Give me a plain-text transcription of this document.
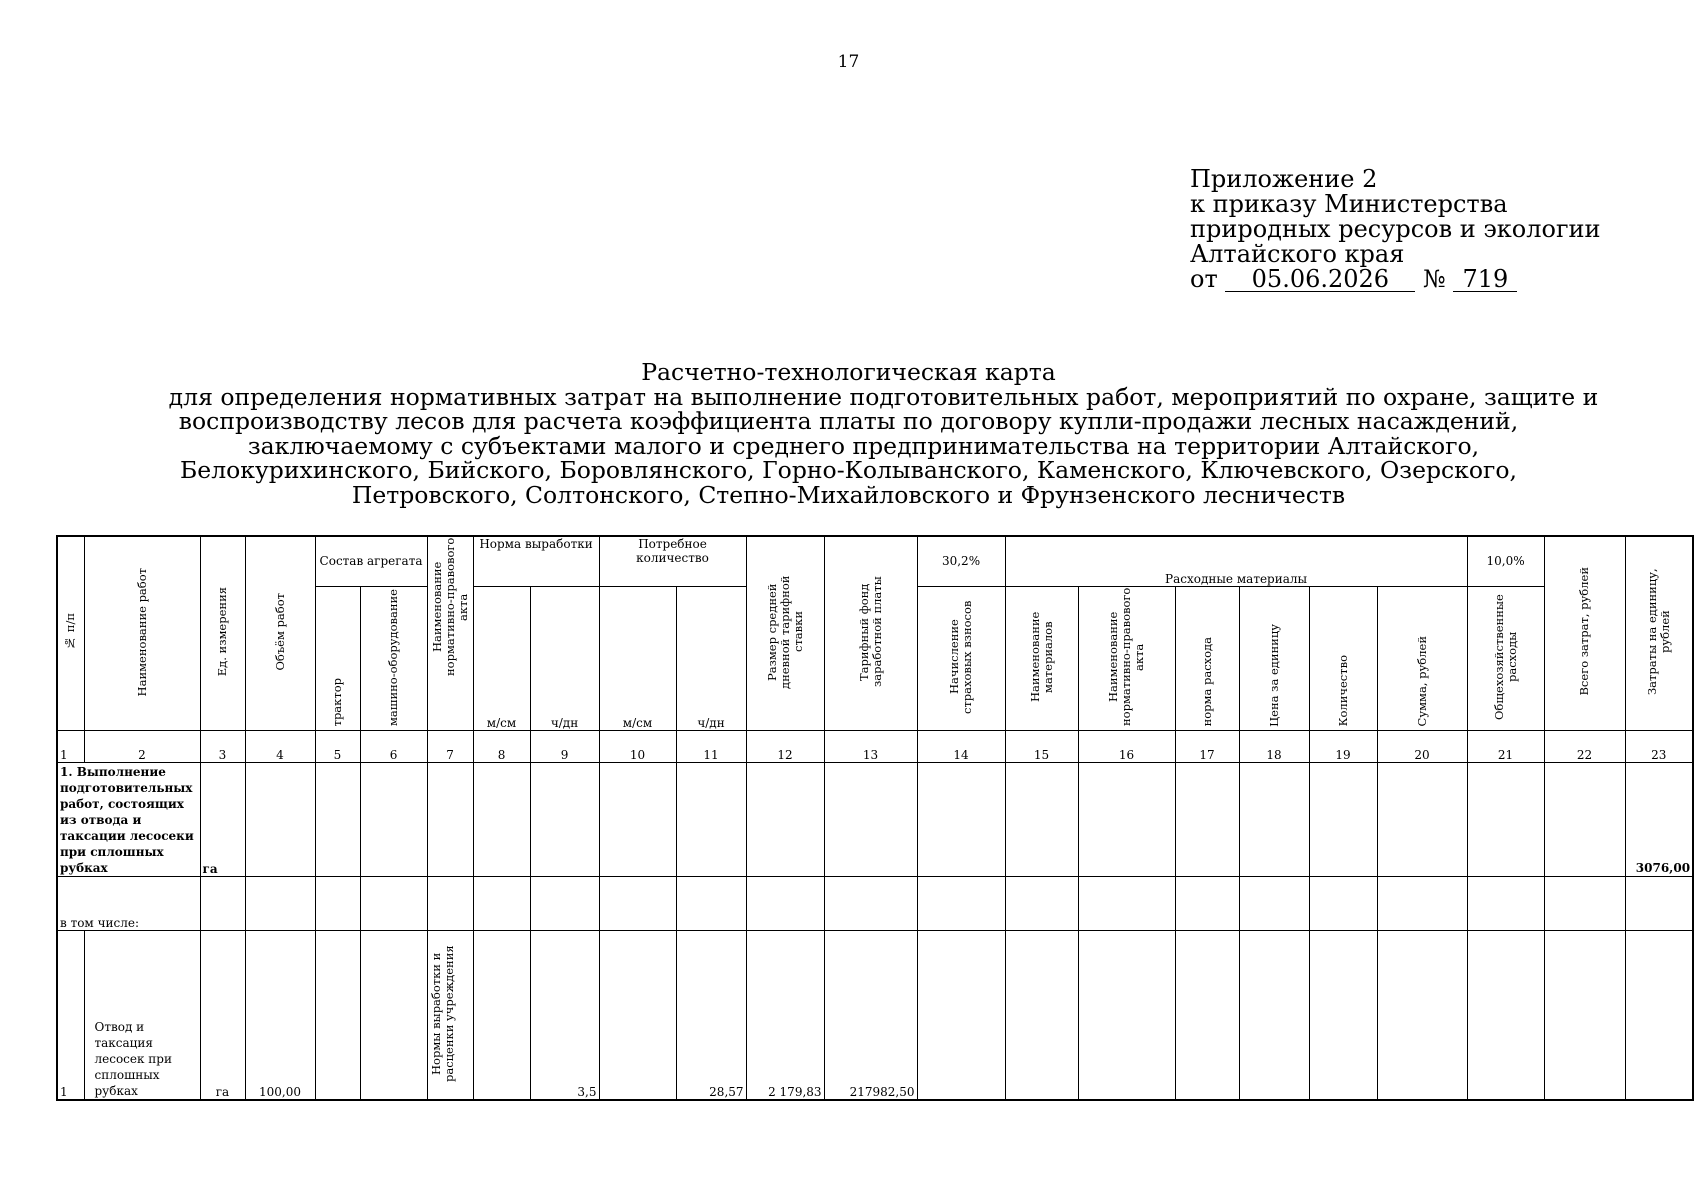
17
Приложение 2
к приказу Министерства
природных ресурсов и экологии
Алтайского края
от 05.06.2026 № 719
Расчетно-технологическая карта
для определения нормативных затрат на выполнение подготовительных работ, мероприятий по охране, защите и
воспроизводству лесов для расчета коэффициента платы по договору купли-продажи лесных насаждений,
заключаемому с субъектами малого и среднего предпринимательства на территории Алтайского,
Белокурихинского, Бийского, Боровлянского, Горно-Колыванского, Каменского, Ключевского, Озерского,
Петровского, Солтонского, Степно-Михайловского и Фрунзенского лесничеств
№ п/п	Наименование работ	Ед. измерения	Объём работ	Состав агрегата		Наименование нормативно-правового акта	Норма выработки		Потребное количество		Размер средней дневной тарифной ставки	Тарифный фонд заработной платы	30,2%	Расходные материалы						10,0%	Всего затрат, рублей	Затраты на единицу, рублей
				трактор	машино-оборудование		м/см	ч/дн	м/см	ч/дн			Начисление страховых взносов	Наименование материалов	Наименование нормативно-правового акта	норма расхода	Цена за единицу	Количество	Сумма, рублей	Общехозяйственные расходы		
1	2	3	4	5	6	7	8	9	10	11	12	13	14	15	16	17	18	19	20	21	22	23
1. Выполнение подготовительных работ, состоящих из отвода и таксации лесосеки при сплошных рубках		га																				3076,00
в том числе:																						
1	Отвод и таксация лесосек при сплошных рубках	га	100,00			Нормы выработки и расценки учреждения		3,5		28,57	2 179,83	217982,50										
